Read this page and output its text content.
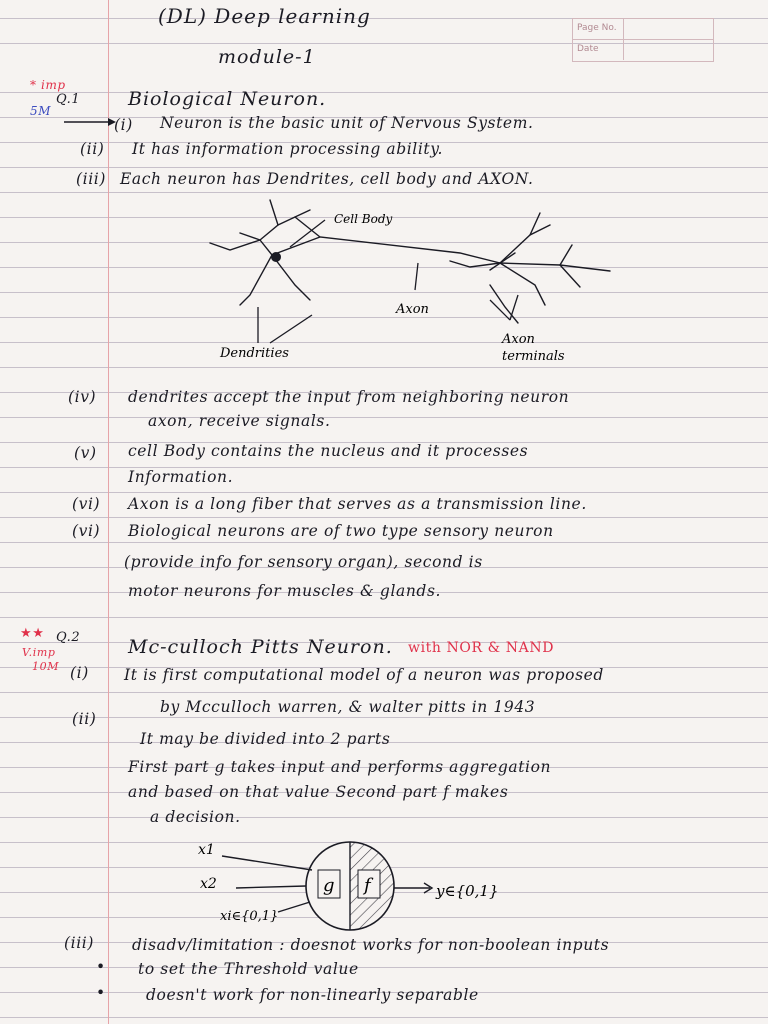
Page No.
Date
(DL) Deep learning
module-1
* imp
Q.1
5M
Biological Neuron.
(i) Neuron is the basic unit of Nervous System.
(ii) It has information processing ability.
(iii) Each neuron has Dendrites, cell body and AXON.
Cell Body
Axon
Axon
terminals
Dendrities
(iv) dendrites accept the input from neighboring neuron
axon, receive signals.
(v) cell Body contains the nucleus and it processes
Information.
(vi) Axon is a long fiber that serves as a transmission line.
(vi) Biological neurons are of two type sensory neuron
(provide info for sensory organ), second is
motor neurons for muscles & glands.
★★ Q.2
V.imp
10M
Mc-culloch Pitts Neuron. with NOR & NAND
(i) It is first computational model of a neuron was proposed
by Mcculloch warren, & walter pitts in 1943
(ii)
It may be divided into 2 parts
First part g takes input and performs aggregation
and based on that value Second part f makes
a decision.
g f
x1
x2
xi∈{0,1}
y∈{0,1}
(iii) disadv/limitation : doesnot works for non-boolean inputs
• to set the Threshold value
•	doesn't work for non-linearly separable
